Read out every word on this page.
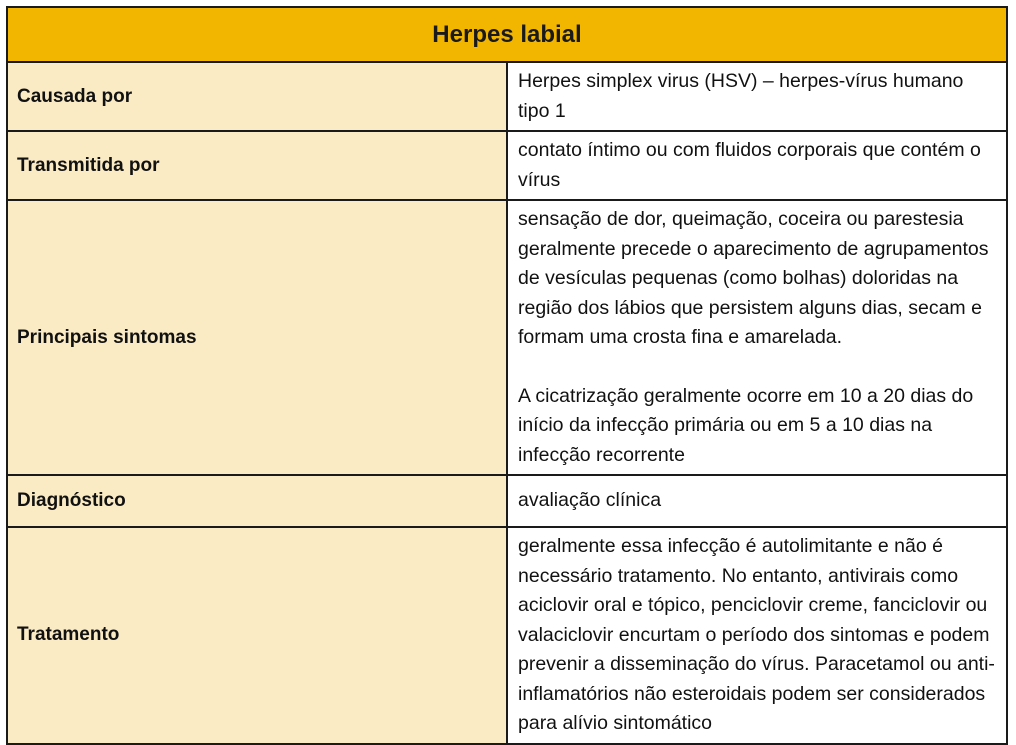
Herpes labial	
Causada por	Herpes simplex virus (HSV) – herpes-vírus humano tipo 1
Transmitida por	contato íntimo ou com fluidos corporais que contém o vírus
Principais sintomas	sensação de dor, queimação, coceira ou parestesia geralmente precede o aparecimento de agrupamentos de vesículas pequenas (como bolhas) doloridas na região dos lábios que persistem alguns dias, secam e formam uma crosta fina e amarelada.

A cicatrização geralmente ocorre em 10 a 20 dias do início da infecção primária ou em 5 a 10 dias na infecção recorrente

Diagnóstico	avaliação clínica
Tratamento	geralmente essa infecção é autolimitante e não é necessário tratamento. No entanto, antivirais como aciclovir oral e tópico, penciclovir creme, fanciclovir ou valaciclovir encurtam o período dos sintomas e podem prevenir a disseminação do vírus. Paracetamol ou anti-inflamatórios não esteroidais podem ser considerados para alívio sintomático
